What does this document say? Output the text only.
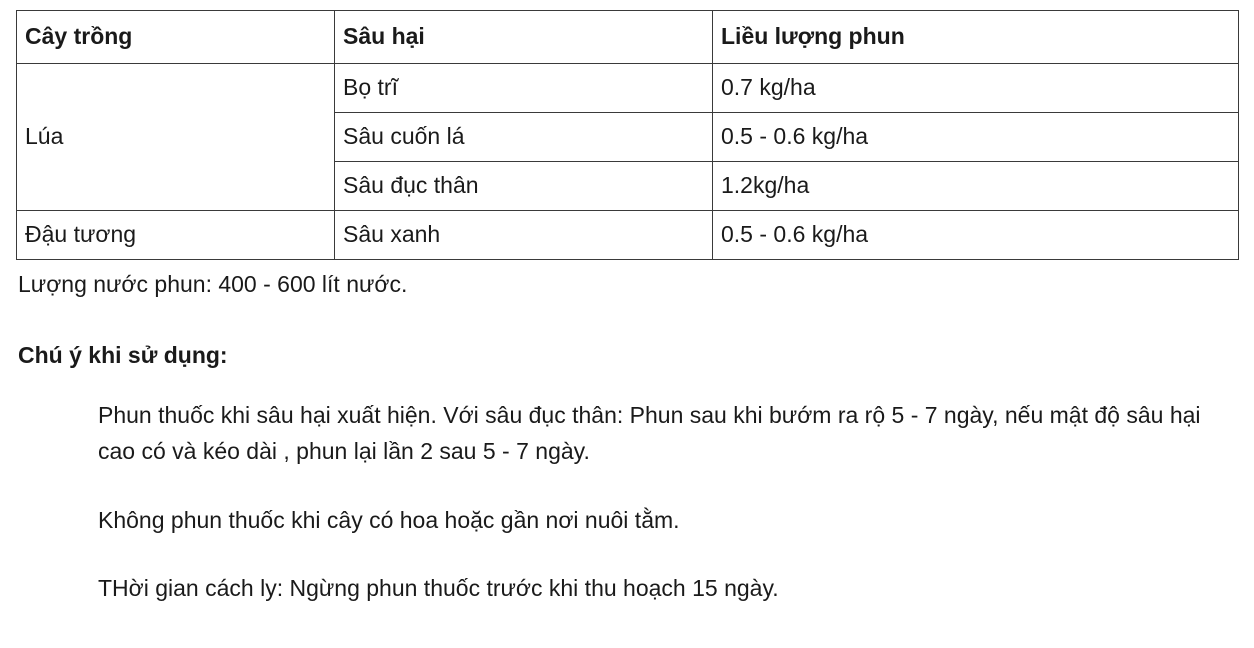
Cây trồng	Sâu hại	Liều lượng phun
Lúa	Bọ trĩ	0.7 kg/ha
	Sâu cuốn lá	0.5 - 0.6 kg/ha
	Sâu đục thân	1.2kg/ha
Đậu tương	Sâu xanh	0.5 - 0.6 kg/ha
Lượng nước phun: 400 - 600 lít nước.
Chú ý khi sử dụng:

Phun thuốc khi sâu hại xuất hiện. Với sâu đục thân: Phun sau khi bướm ra rộ 5 - 7 ngày, nếu mật độ sâu hại cao có và kéo dài , phun lại lần 2 sau 5 - 7 ngày.

Không phun thuốc khi cây có hoa hoặc gần nơi nuôi tằm.

THời gian cách ly: Ngừng phun thuốc trước khi thu hoạch 15 ngày.
